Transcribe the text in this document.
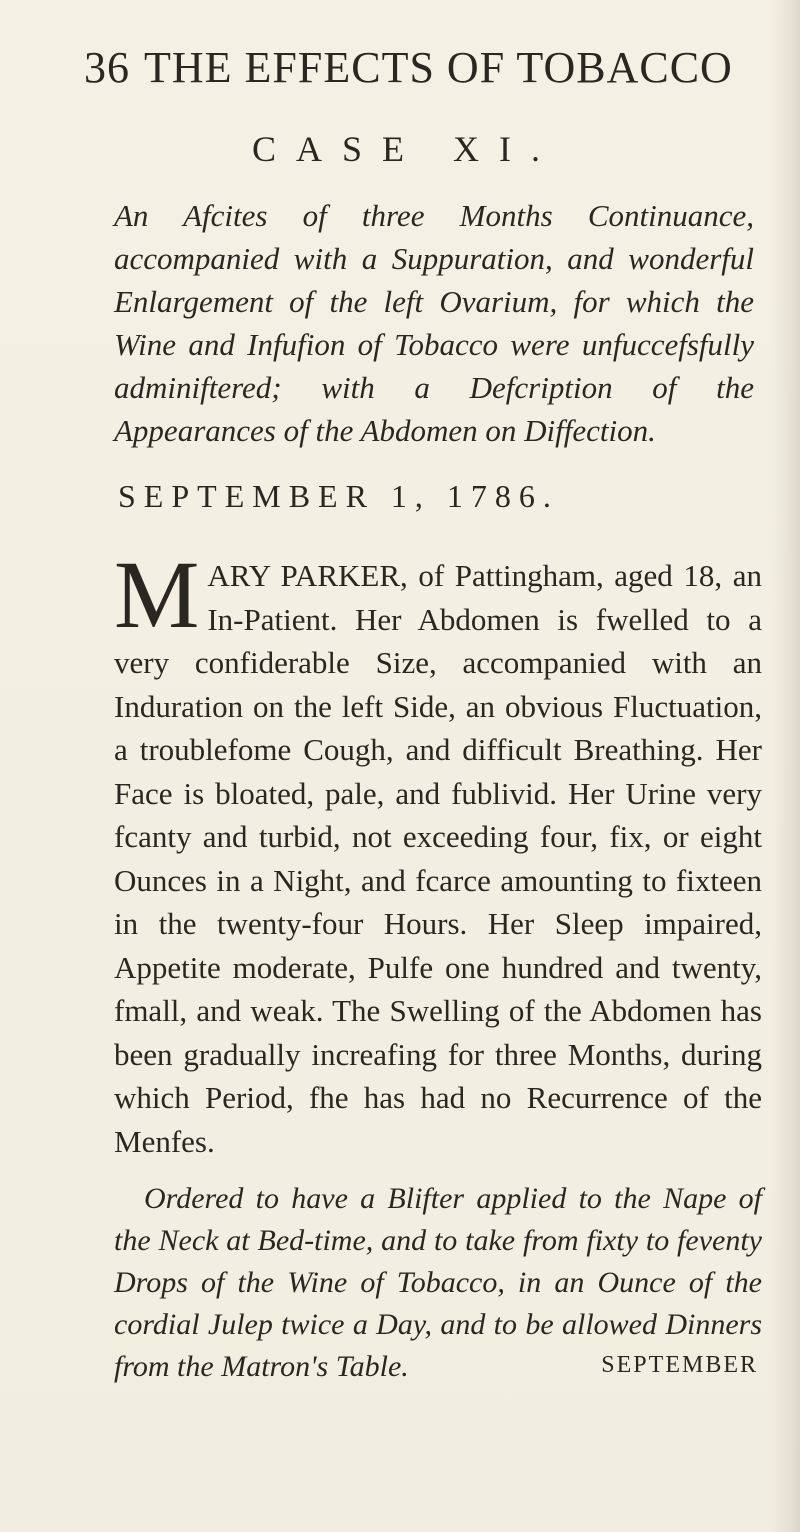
36 THE EFFECTS OF TOBACCO
CASE XI.
An Afcites of three Months Continuance, accompanied with a Suppuration, and wonderful Enlargement of the left Ovarium, for which the Wine and Infufion of Tobacco were unfuccefsfully adminiftered; with a Defcription of the Appearances of the Abdomen on Diffection.
SEPTEMBER 1, 1786.
MARY PARKER, of Pattingham, aged 18, an In-Patient. Her Abdomen is fwelled to a very confiderable Size, accompanied with an Induration on the left Side, an obvious Fluctuation, a troublefome Cough, and difficult Breathing. Her Face is bloated, pale, and fublivid. Her Urine very fcanty and turbid, not exceeding four, fix, or eight Ounces in a Night, and fcarce amounting to fixteen in the twenty-four Hours. Her Sleep impaired, Appetite moderate, Pulfe one hundred and twenty, fmall, and weak. The Swelling of the Abdomen has been gradually increafing for three Months, during which Period, fhe has had no Recurrence of the Menfes.
Ordered to have a Blifter applied to the Nape of the Neck at Bed-time, and to take from fixty to feventy Drops of the Wine of Tobacco, in an Ounce of the cordial Julep twice a Day, and to be allowed Dinners from the Matron's Table.	SEPTEMBER
